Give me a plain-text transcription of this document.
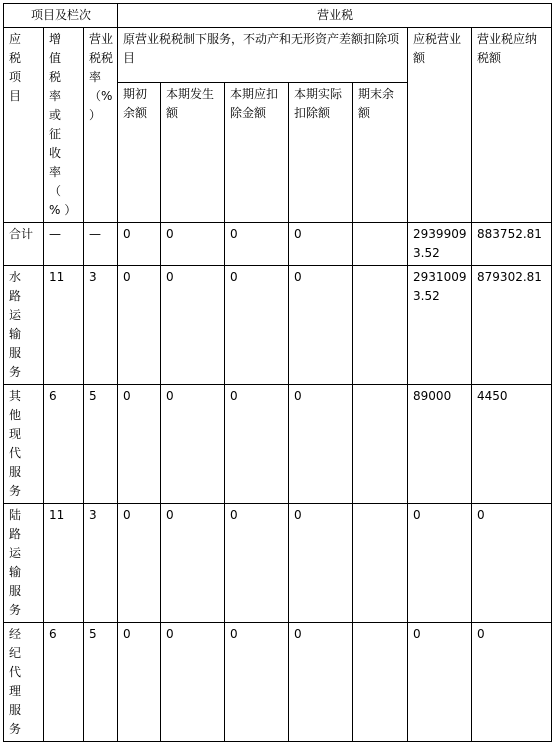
项目及栏次			营业税						
应税项目	增值税率或征收率（%）	营业税税率（%）	原营业税税制下服务，不动产和无形资产差额扣除项目					应税营业额	营业税应纳税额
			期初余额	本期发生额	本期应扣除金额	本期实际扣除额	期末余额		
合计	—	—	0	0	0	0		29399093.52	883752.81
水路运输服务	11	3	0	0	0	0		29310093.52	879302.81
其他现代服务	6	5	0	0	0	0		89000	4450
陆路运输服务	11	3	0	0	0	0		0	0
经纪代理服务	6	5	0	0	0	0		0	0
